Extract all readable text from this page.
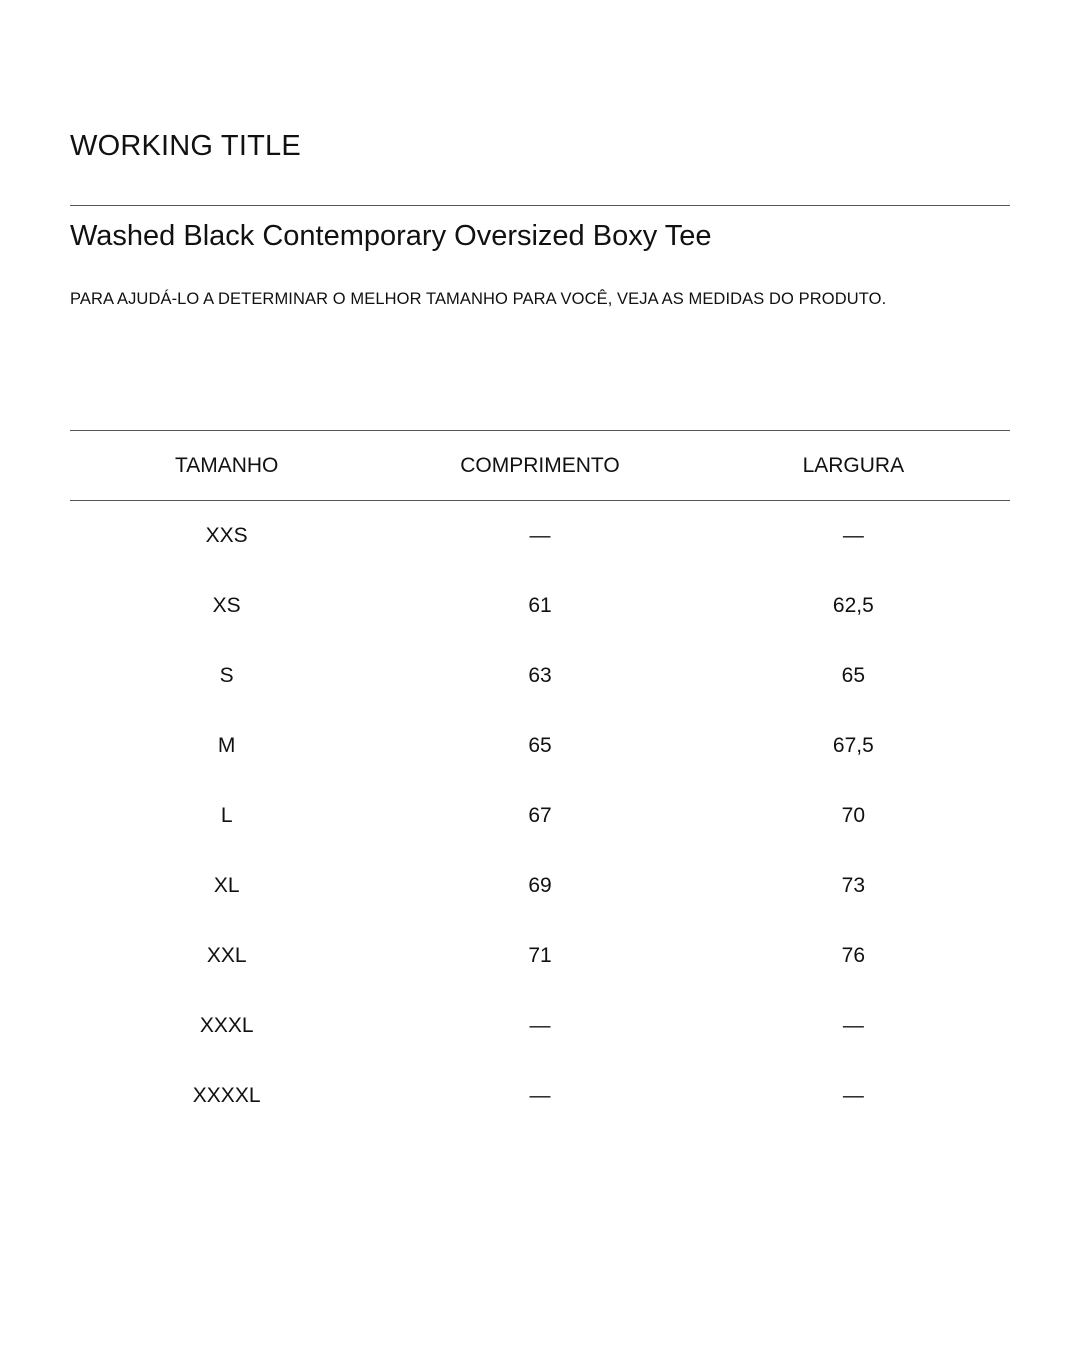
WORKING TITLE
Washed Black Contemporary Oversized Boxy Tee

PARA AJUDÁ-LO A DETERMINAR O MELHOR TAMANHO PARA VOCÊ, VEJA AS MEDIDAS DO PRODUTO.

TAMANHO	COMPRIMENTO	LARGURA
XXS	—	—
XS	61	62,5
S	63	65
M	65	67,5
L	67	70
XL	69	73
XXL	71	76
XXXL	—	—
XXXXL	—	—
